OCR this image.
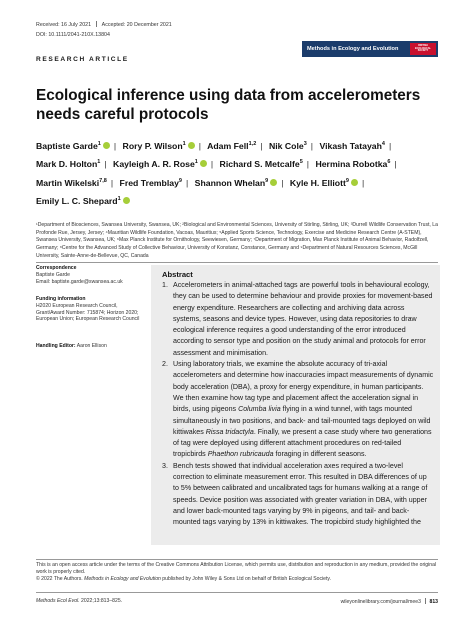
Received: 16 July 2021 Accepted: 20 December 2021
DOI: 10.1111/2041-210X.13804
Methods in Ecology and Evolution
BRITISH
ECOLOGICAL
SOCIETY
RESEARCH ARTICLE
Ecological inference using data from accelerometers needs careful protocols
Baptiste Garde$^1$ | Rory P. Wilson$^1$ | Adam Fell$^{1,2}$ | Nik Cole$^3$ | Vikash Tatayah$^4$ |
Mark D. Holton$^1$ | Kayleigh A. R. Rose$^1$ | Richard S. Metcalfe$^5$ | Hermina Robotka$^6$ |
Martin Wikelski$^{7,8}$ | Fred Tremblay$^9$ | Shannon Whelan$^9$ | Kyle H. Elliott$^9$ |
Emily L. C. Shepard$^1$

¹Department of Biosciences, Swansea University, Swansea, UK; ²Biological and Environmental Sciences, University of Stirling, Stirling, UK; ³Durrell Wildlife Conservation Trust, La Profonde Rue, Jersey, Jersey; ⁴Mauritian Wildlife Foundation, Vacoas, Mauritius; ⁵Applied Sports Science, Technology, Exercise and Medicine Research Centre (A-STEM), Swansea University, Swansea, UK; ⁶Max Planck Institute for Ornithology, Seewiesen, Germany; ⁷Department of Migration, Max Planck Institute of Animal Behavior, Radolfzell, Germany; ⁸Centre for the Advanced Study of Collective Behaviour, University of Konstanz, Constance, Germany and ⁹Department of Natural Resources Sciences, McGill University, Sainte-Anne-de-Bellevue, QC, Canada

Correspondence
Baptiste Garde
Email: baptiste.garde@swansea.ac.uk
Funding information
H2020 European Research Council, Grant/Award Number: 715874; Horizon 2020; European Union; European Research Council
Handling Editor: Aaron Ellison
Abstract
1. Accelerometers in animal-attached tags are powerful tools in behavioural ecology, they can be used to determine behaviour and provide proxies for movement-based energy expenditure. Researchers are collecting and archiving data across systems, seasons and device types. However, using data repositories to draw ecological inference requires a good understanding of the error introduced according to sensor type and position on the study animal and protocols for error assessment and minimisation.
2. Using laboratory trials, we examine the absolute accuracy of tri-axial accelerometers and determine how inaccuracies impact measurements of dynamic body acceleration (DBA), a proxy for energy expenditure, in human participants. We then examine how tag type and placement affect the acceleration signal in birds, using pigeons Columba livia flying in a wind tunnel, with tags mounted simultaneously in two positions, and back- and tail-mounted tags deployed on wild kittiwakes Rissa tridactyla. Finally, we present a case study where two generations of tag were deployed using different attachment procedures on red-tailed tropicbirds Phaethon rubricauda foraging in different seasons.
3. Bench tests showed that individual acceleration axes required a two-level correction to eliminate measurement error. This resulted in DBA differences of up to 5% between calibrated and uncalibrated tags for humans walking at a range of speeds. Device position was associated with greater variation in DBA, with upper and lower back-mounted tags varying by 9% in pigeons, and tail- and back-mounted tags varying by 13% in kittiwakes. The tropicbird study highlighted the
This is an open access article under the terms of the Creative Commons Attribution License, which permits use, distribution and reproduction in any medium, provided the original work is properly cited.
© 2022 The Authors. Methods in Ecology and Evolution published by John Wiley & Sons Ltd on behalf of British Ecological Society.
Methods Ecol Evol. 2022;13:813–825.	wileyonlinelibrary.com/journal/mee3 813
